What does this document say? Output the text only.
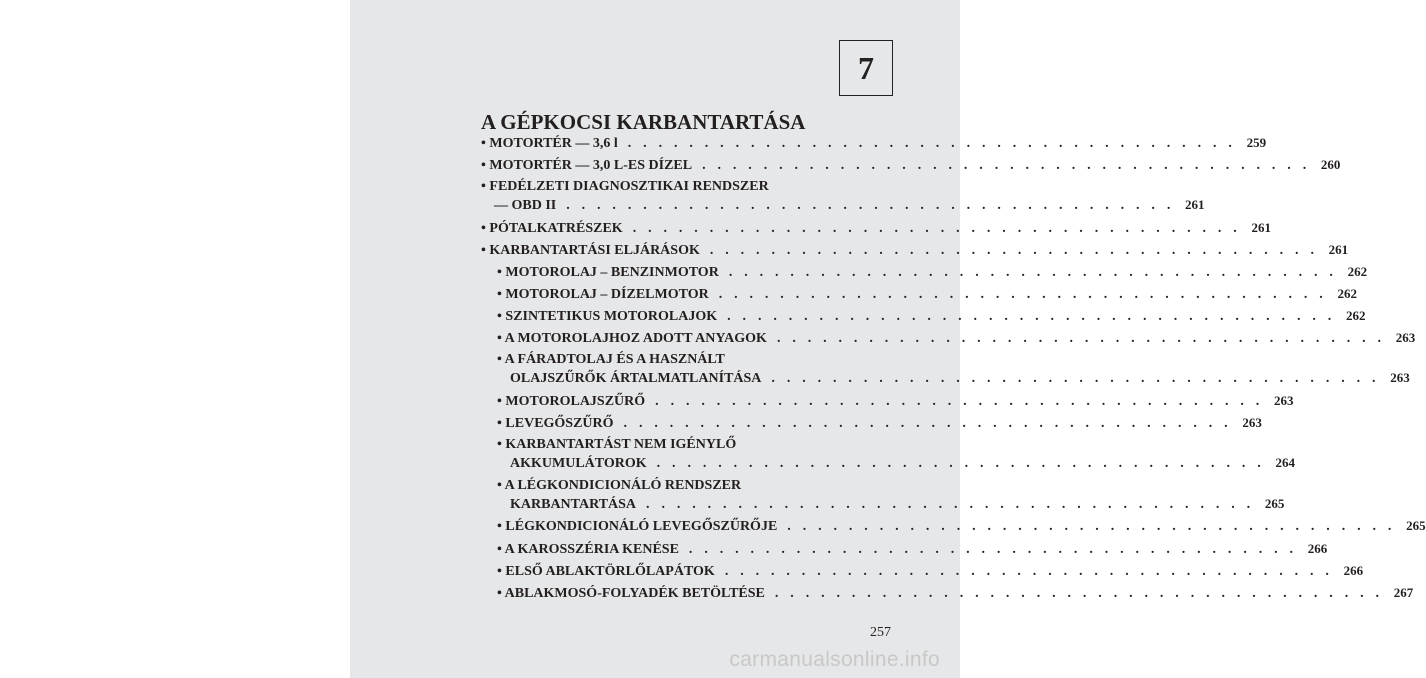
7
A GÉPKOCSI KARBANTARTÁSA
• MOTORTÉR — 3,6 l . . . . . . . . . . . . . . . . . . . . . . . . . . . . . . . . . . . . . . . . 259
• MOTORTÉR — 3,0 L-ES DÍZEL . . . . . . . . . . . . . . . . . . . . . . . . . . . . . . . . . . . . . . . . 260
• FEDÉLZETI DIAGNOSZTIKAI RENDSZER
— OBD II . . . . . . . . . . . . . . . . . . . . . . . . . . . . . . . . . . . . . . . . 261
• PÓTALKATRÉSZEK . . . . . . . . . . . . . . . . . . . . . . . . . . . . . . . . . . . . . . . . 261
• KARBANTARTÁSI ELJÁRÁSOK . . . . . . . . . . . . . . . . . . . . . . . . . . . . . . . . . . . . . . . . 261
• MOTOROLAJ – BENZINMOTOR . . . . . . . . . . . . . . . . . . . . . . . . . . . . . . . . . . . . . . . . 262
• MOTOROLAJ – DÍZELMOTOR . . . . . . . . . . . . . . . . . . . . . . . . . . . . . . . . . . . . . . . . 262
• SZINTETIKUS MOTOROLAJOK . . . . . . . . . . . . . . . . . . . . . . . . . . . . . . . . . . . . . . . . 262
• A MOTOROLAJHOZ ADOTT ANYAGOK . . . . . . . . . . . . . . . . . . . . . . . . . . . . . . . . . . . . . . . . 263
• A FÁRADTOLAJ ÉS A HASZNÁLT
OLAJSZŰRŐK ÁRTALMATLANÍTÁSA . . . . . . . . . . . . . . . . . . . . . . . . . . . . . . . . . . . . . . . . 263
• MOTOROLAJSZŰRŐ . . . . . . . . . . . . . . . . . . . . . . . . . . . . . . . . . . . . . . . . 263
• LEVEGŐSZŰRŐ . . . . . . . . . . . . . . . . . . . . . . . . . . . . . . . . . . . . . . . . 263
• KARBANTARTÁST NEM IGÉNYLŐ
AKKUMULÁTOROK . . . . . . . . . . . . . . . . . . . . . . . . . . . . . . . . . . . . . . . . 264
• A LÉGKONDICIONÁLÓ RENDSZER
KARBANTARTÁSA . . . . . . . . . . . . . . . . . . . . . . . . . . . . . . . . . . . . . . . . 265
• LÉGKONDICIONÁLÓ LEVEGŐSZŰRŐJE . . . . . . . . . . . . . . . . . . . . . . . . . . . . . . . . . . . . . . . . 265
• A KAROSSZÉRIA KENÉSE . . . . . . . . . . . . . . . . . . . . . . . . . . . . . . . . . . . . . . . . 266
• ELSŐ ABLAKTÖRLŐLAPÁTOK . . . . . . . . . . . . . . . . . . . . . . . . . . . . . . . . . . . . . . . . 266
• ABLAKMOSÓ-FOLYADÉK BETÖLTÉSE . . . . . . . . . . . . . . . . . . . . . . . . . . . . . . . . . . . . . . . . 267
257
carmanualsonline.info
